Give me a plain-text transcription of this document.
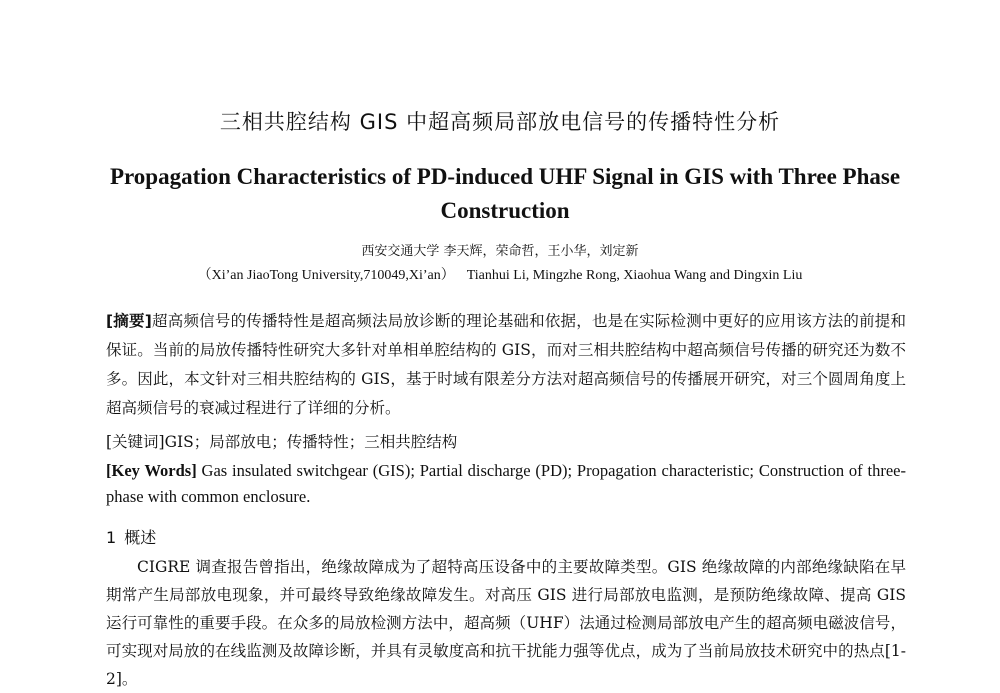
三相共腔结构 GIS 中超高频局部放电信号的传播特性分析
Propagation Characteristics of PD-induced UHF Signal in GIS with Three Phase Construction
西安交通大学 李天辉，荣命哲，王小华，刘定新
（Xi’an JiaoTong University,710049,Xi’an） Tianhui Li, Mingzhe Rong, Xiaohua Wang and Dingxin Liu
[摘要]超高频信号的传播特性是超高频法局放诊断的理论基础和依据，也是在实际检测中更好的应用该方法的前提和保证。当前的局放传播特性研究大多针对单相单腔结构的 GIS，而对三相共腔结构中超高频信号传播的研究还为数不多。因此，本文针对三相共腔结构的 GIS，基于时域有限差分方法对超高频信号的传播展开研究，对三个圆周角度上超高频信号的衰减过程进行了详细的分析。
[关键词]GIS；局部放电；传播特性；三相共腔结构
[Key Words] Gas insulated switchgear (GIS); Partial discharge (PD); Propagation characteristic; Construction of three-phase with common enclosure.
1 概述
CIGRE 调查报告曾指出，绝缘故障成为了超特高压设备中的主要故障类型。GIS 绝缘故障的内部绝缘缺陷在早期常产生局部放电现象，并可最终导致绝缘故障发生。对高压 GIS 进行局部放电监测，是预防绝缘故障、提高 GIS 运行可靠性的重要手段。在众多的局放检测方法中，超高频（UHF）法通过检测局部放电产生的超高频电磁波信号，可实现对局放的在线监测及故障诊断，并具有灵敏度高和抗干扰能力强等优点，成为了当前局放技术研究中的热点[1-2]。
